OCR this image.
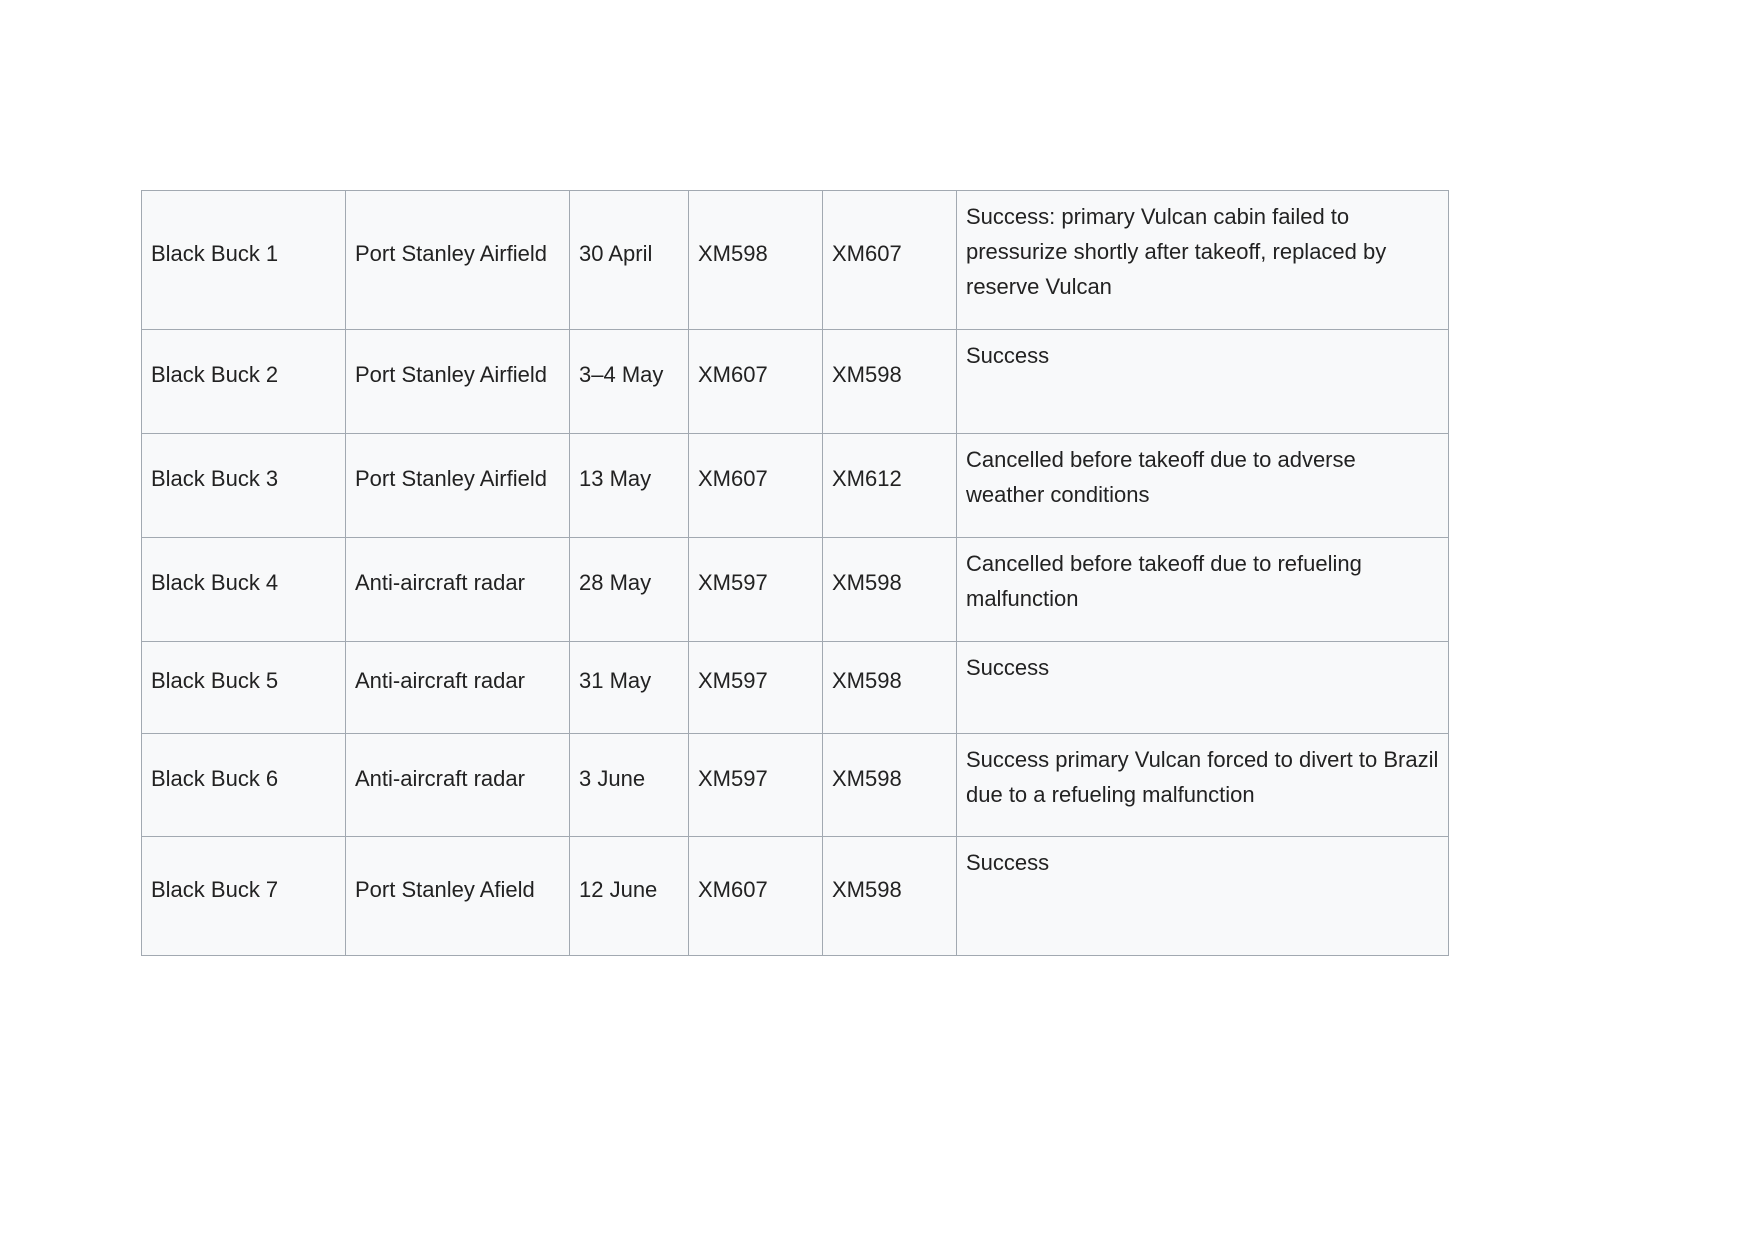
Black Buck 1	Port Stanley Airfield	30 April	XM598	XM607	Success: primary Vulcan cabin failed to pressurize shortly after takeoff, replaced by reserve Vulcan
Black Buck 2	Port Stanley Airfield	3–4 May	XM607	XM598	Success
Black Buck 3	Port Stanley Airfield	13 May	XM607	XM612	Cancelled before takeoff due to adverse weather conditions
Black Buck 4	Anti-aircraft radar	28 May	XM597	XM598	Cancelled before takeoff due to refueling malfunction
Black Buck 5	Anti-aircraft radar	31 May	XM597	XM598	Success
Black Buck 6	Anti-aircraft radar	3 June	XM597	XM598	Success primary Vulcan forced to divert to Brazil due to a refueling malfunction
Black Buck 7	Port Stanley Afield	12 June	XM607	XM598	Success
